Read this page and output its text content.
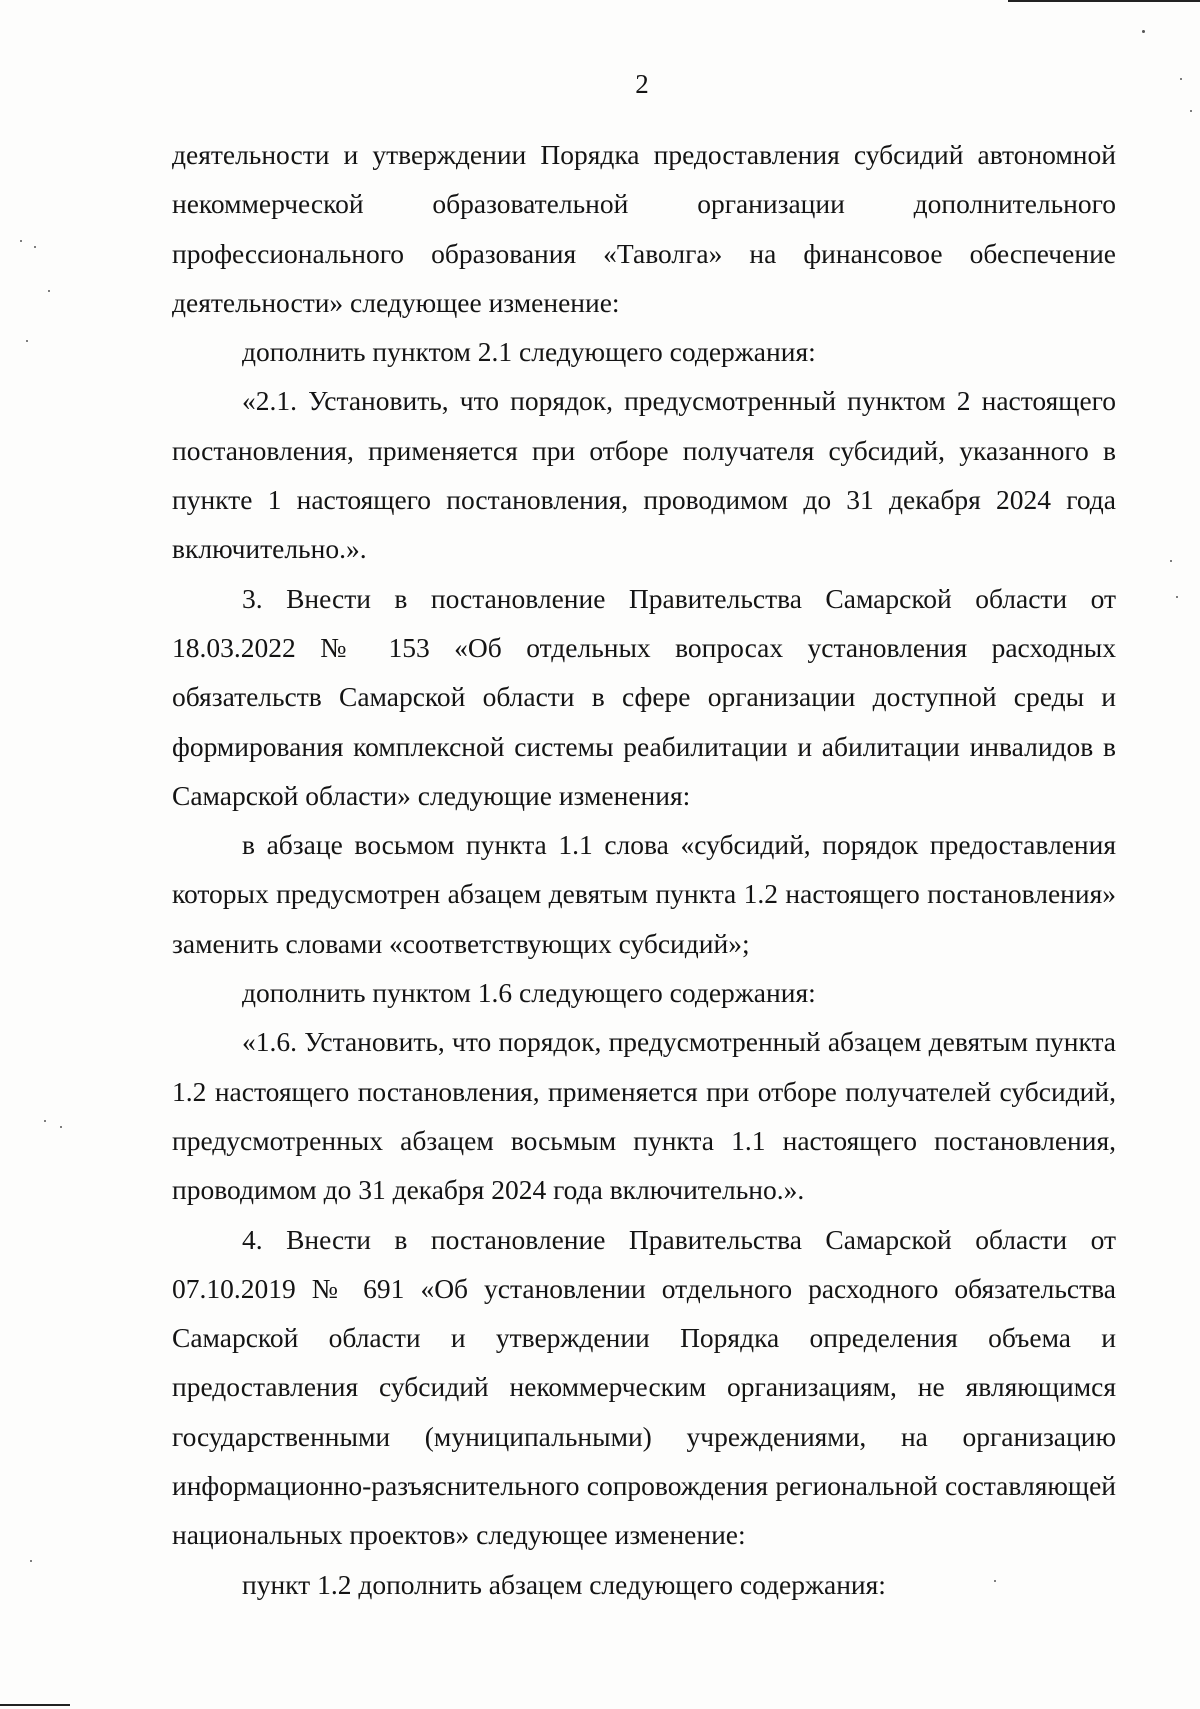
2

деятельности и утверждении Порядка предоставления субсидий автономной некоммерческой образовательной организации дополнительного профессионального образования «Таволга» на финансовое обеспечение деятельности» следующее изменение:

дополнить пунктом 2.1 следующего содержания:

«2.1. Установить, что порядок, предусмотренный пунктом 2 настоящего постановления, применяется при отборе получателя субсидий, указанного в пункте 1 настоящего постановления, проводимом до 31 декабря 2024 года включительно.».

3. Внести в постановление Правительства Самарской области от 18.03.2022 № 153 «Об отдельных вопросах установления расходных обязательств Самарской области в сфере организации доступной среды и формирования комплексной системы реабилитации и абилитации инвалидов в Самарской области» следующие изменения:

в абзаце восьмом пункта 1.1 слова «субсидий, порядок предоставления которых предусмотрен абзацем девятым пункта 1.2 настоящего постановления» заменить словами «соответствующих субсидий»;

дополнить пунктом 1.6 следующего содержания:

«1.6. Установить, что порядок, предусмотренный абзацем девятым пункта 1.2 настоящего постановления, применяется при отборе получателей субсидий, предусмотренных абзацем восьмым пункта 1.1 настоящего постановления, проводимом до 31 декабря 2024 года включительно.».

4. Внести в постановление Правительства Самарской области от 07.10.2019 № 691 «Об установлении отдельного расходного обязательства Самарской области и утверждении Порядка определения объема и предоставления субсидий некоммерческим организациям, не являющимся государственными (муниципальными) учреждениями, на организацию информационно-разъяснительного сопровождения региональной составляющей национальных проектов» следующее изменение:

пункт 1.2 дополнить абзацем следующего содержания:
